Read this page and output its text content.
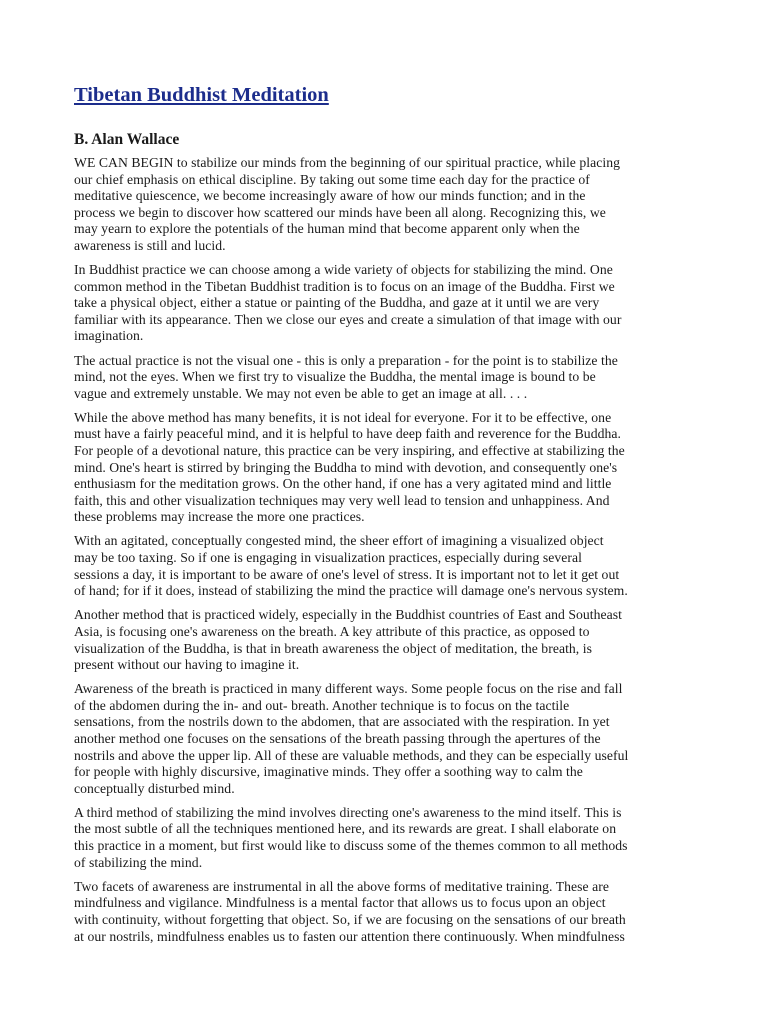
Tibetan Buddhist Meditation
B. Alan Wallace

WE CAN BEGIN to stabilize our minds from the beginning of our spiritual practice, while placing
our chief emphasis on ethical discipline. By taking out some time each day for the practice of
meditative quiescence, we become increasingly aware of how our minds function; and in the
process we begin to discover how scattered our minds have been all along. Recognizing this, we
may yearn to explore the potentials of the human mind that become apparent only when the
awareness is still and lucid.

In Buddhist practice we can choose among a wide variety of objects for stabilizing the mind. One
common method in the Tibetan Buddhist tradition is to focus on an image of the Buddha. First we
take a physical object, either a statue or painting of the Buddha, and gaze at it until we are very
familiar with its appearance. Then we close our eyes and create a simulation of that image with our
imagination.

The actual practice is not the visual one - this is only a preparation - for the point is to stabilize the
mind, not the eyes. When we first try to visualize the Buddha, the mental image is bound to be
vague and extremely unstable. We may not even be able to get an image at all. . . .

While the above method has many benefits, it is not ideal for everyone. For it to be effective, one
must have a fairly peaceful mind, and it is helpful to have deep faith and reverence for the Buddha.
For people of a devotional nature, this practice can be very inspiring, and effective at stabilizing the
mind. One's heart is stirred by bringing the Buddha to mind with devotion, and consequently one's
enthusiasm for the meditation grows. On the other hand, if one has a very agitated mind and little
faith, this and other visualization techniques may very well lead to tension and unhappiness. And
these problems may increase the more one practices.

With an agitated, conceptually congested mind, the sheer effort of imagining a visualized object
may be too taxing. So if one is engaging in visualization practices, especially during several
sessions a day, it is important to be aware of one's level of stress. It is important not to let it get out
of hand; for if it does, instead of stabilizing the mind the practice will damage one's nervous system.

Another method that is practiced widely, especially in the Buddhist countries of East and Southeast
Asia, is focusing one's awareness on the breath. A key attribute of this practice, as opposed to
visualization of the Buddha, is that in breath awareness the object of meditation, the breath, is
present without our having to imagine it.

Awareness of the breath is practiced in many different ways. Some people focus on the rise and fall
of the abdomen during the in- and out- breath. Another technique is to focus on the tactile
sensations, from the nostrils down to the abdomen, that are associated with the respiration. In yet
another method one focuses on the sensations of the breath passing through the apertures of the
nostrils and above the upper lip. All of these are valuable methods, and they can be especially useful
for people with highly discursive, imaginative minds. They offer a soothing way to calm the
conceptually disturbed mind.

A third method of stabilizing the mind involves directing one's awareness to the mind itself. This is
the most subtle of all the techniques mentioned here, and its rewards are great. I shall elaborate on
this practice in a moment, but first would like to discuss some of the themes common to all methods
of stabilizing the mind.

Two facets of awareness are instrumental in all the above forms of meditative training. These are
mindfulness and vigilance. Mindfulness is a mental factor that allows us to focus upon an object
with continuity, without forgetting that object. So, if we are focusing on the sensations of our breath
at our nostrils, mindfulness enables us to fasten our attention there continuously. When mindfulness
